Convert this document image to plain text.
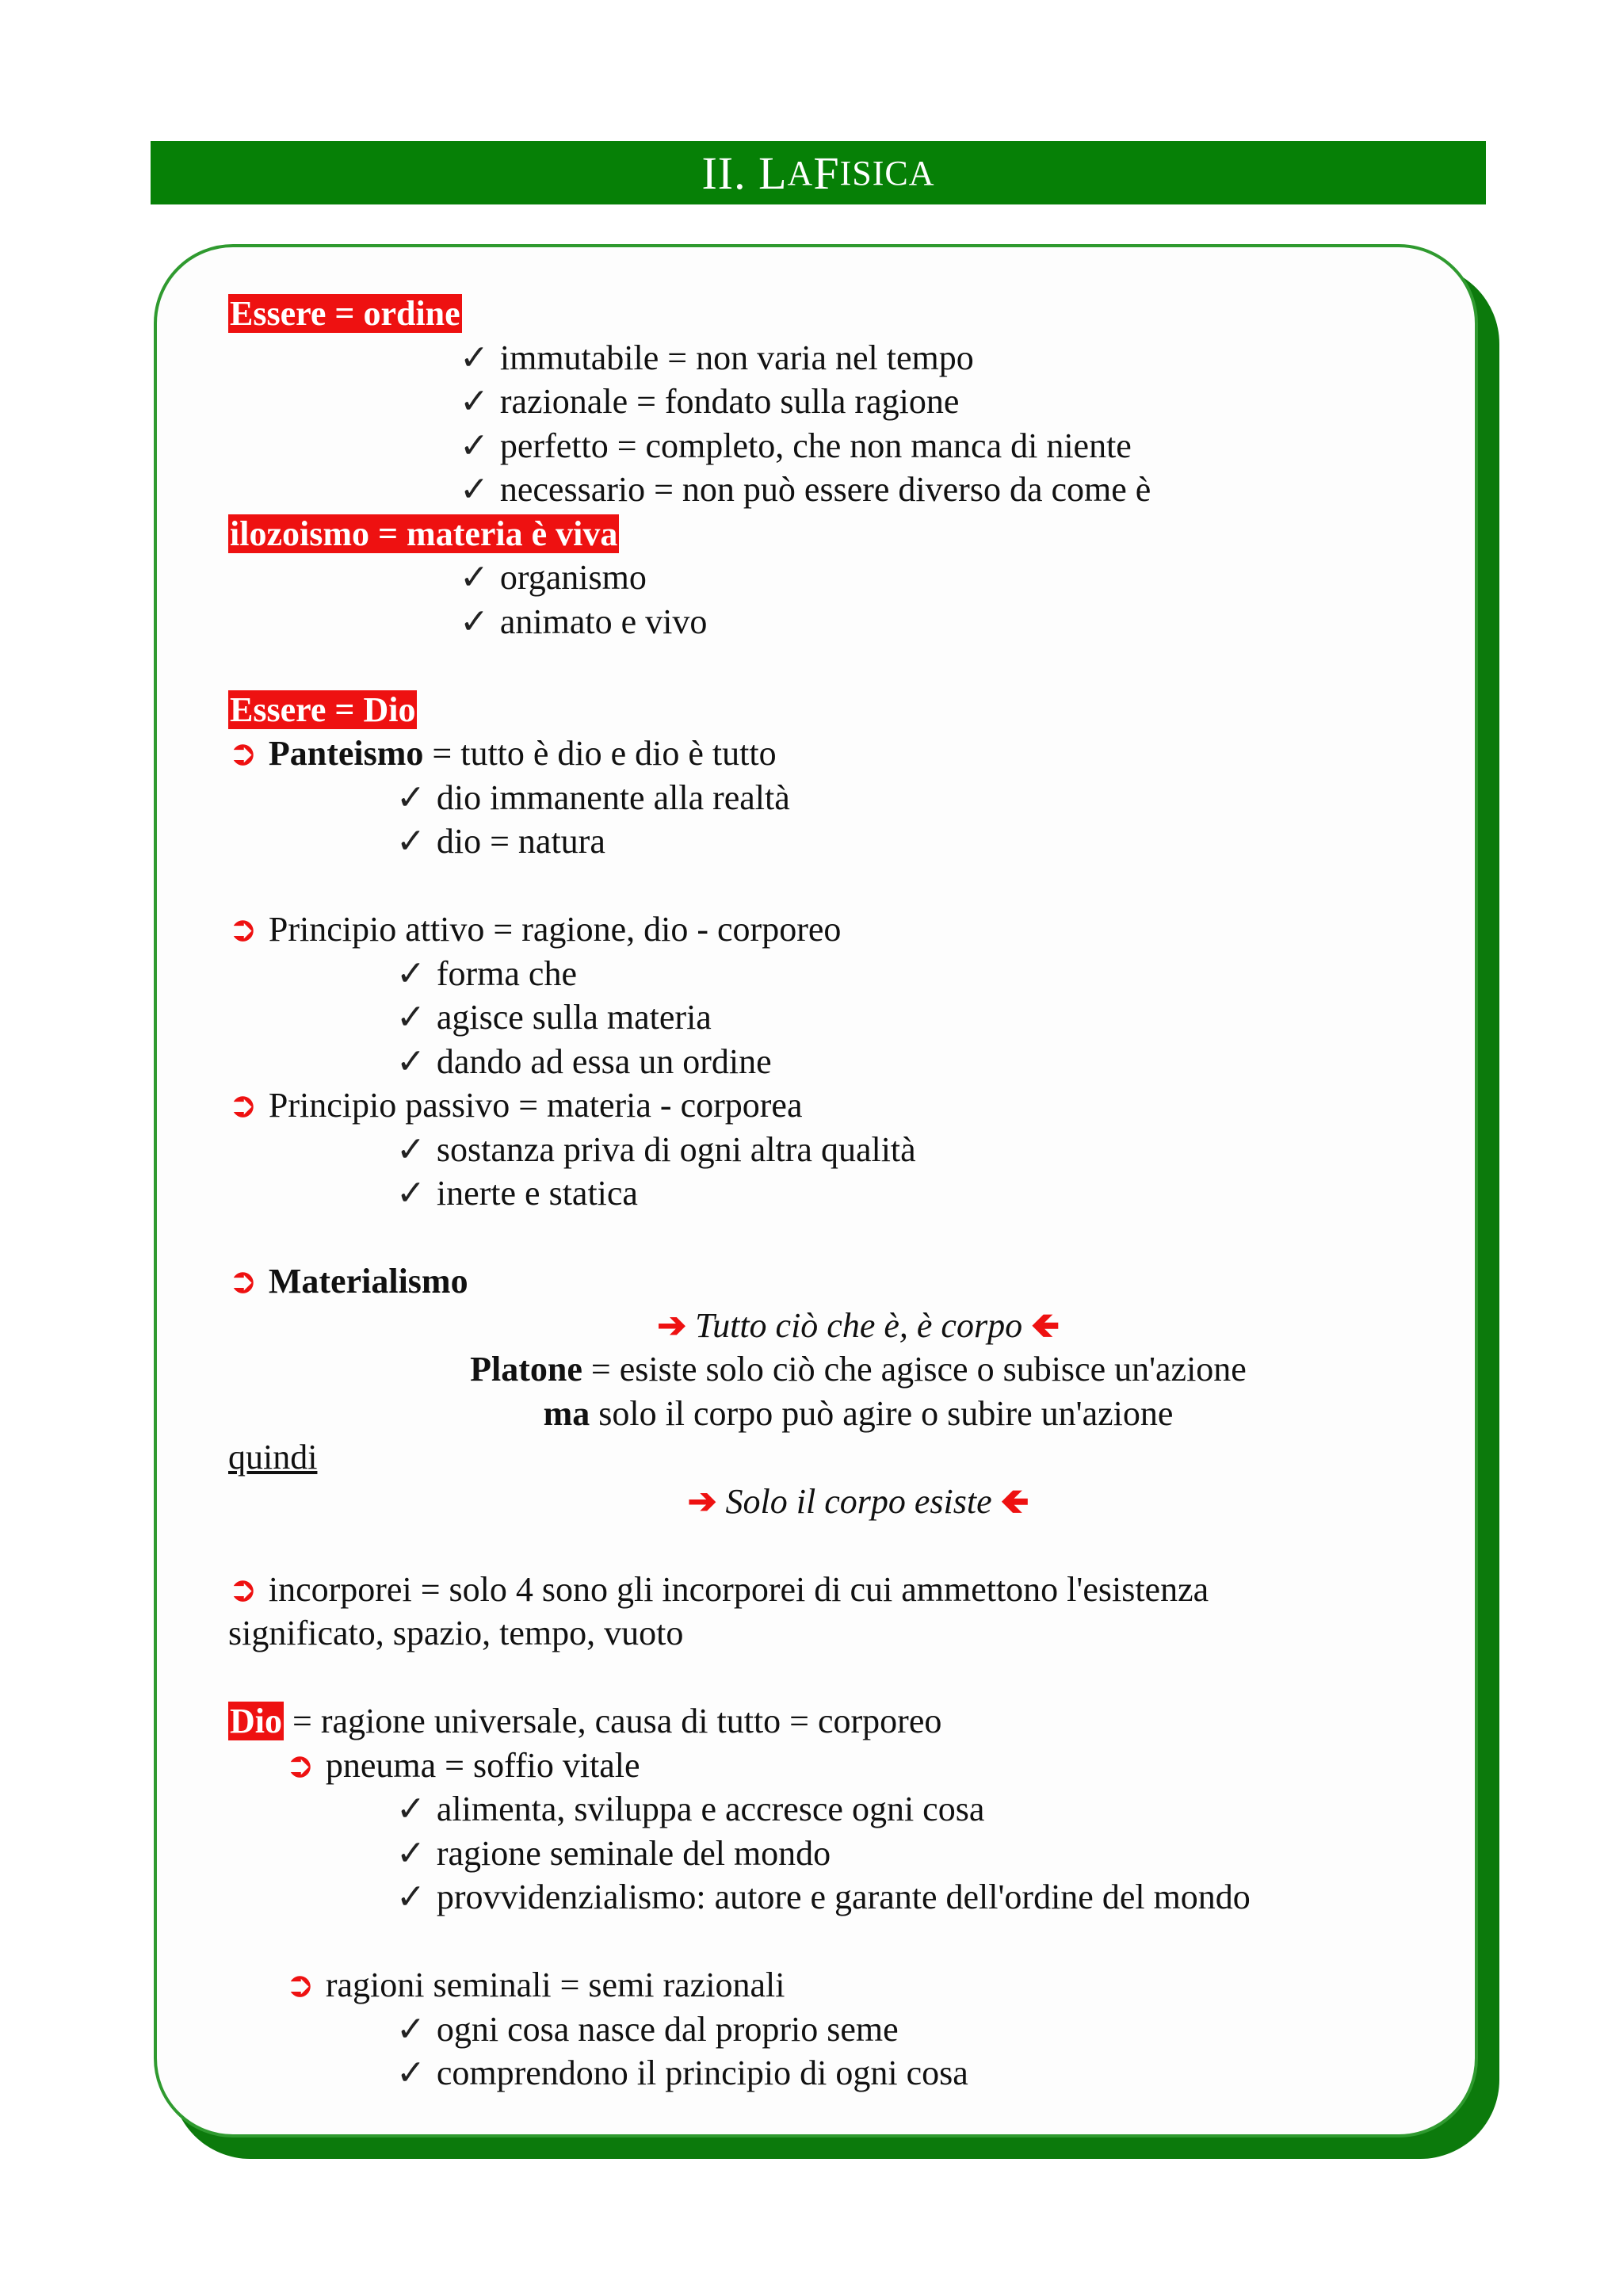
II. L A F ISICA
Essere = ordine
✓ immutabile = non varia nel tempo
✓ razionale = fondato sulla ragione
✓ perfetto = completo, che non manca di niente
✓ necessario = non può essere diverso da come è
ilozoismo = materia è viva
✓ organismo
✓ animato e vivo
Essere = Dio
➲ Panteismo = tutto è dio e dio è tutto
✓ dio immanente alla realtà
✓ dio = natura
➲ Principio attivo = ragione, dio - corporeo
✓ forma che
✓ agisce sulla materia
✓ dando ad essa un ordine
➲ Principio passivo = materia - corporea
✓ sostanza priva di ogni altra qualità
✓ inerte e statica
➲ Materialismo
➔ Tutto ciò che è, è corpo 🡸
Platone = esiste solo ciò che agisce o subisce un'azione
ma solo il corpo può agire o subire un'azione
quindi
➔ Solo il corpo esiste 🡸
➲ incorporei = solo 4 sono gli incorporei di cui ammettono l'esistenza
significato, spazio, tempo, vuoto
Dio = ragione universale, causa di tutto = corporeo
➲ pneuma = soffio vitale
✓ alimenta, sviluppa e accresce ogni cosa
✓ ragione seminale del mondo
✓ provvidenzialismo: autore e garante dell'ordine del mondo
➲ ragioni seminali = semi razionali
✓ ogni cosa nasce dal proprio seme
✓ comprendono il principio di ogni cosa
